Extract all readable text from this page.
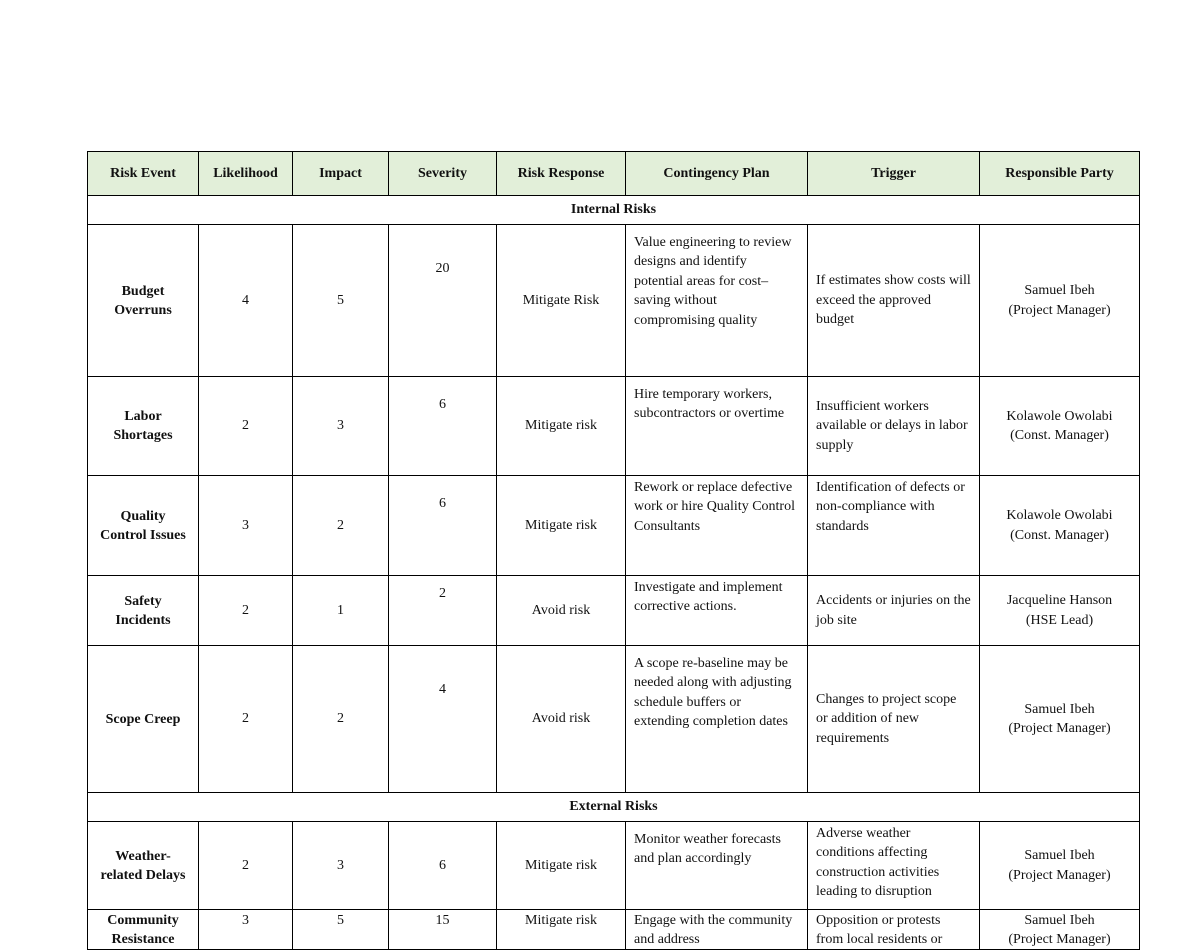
Risk Event	Likelihood	Impact	Severity	Risk Response	Contingency Plan	Trigger	Responsible Party
Internal Risks							
Budget Overruns	4	5	20	Mitigate Risk	Value engineering to review designs and identify potential areas for cost–saving without compromising quality	If estimates show costs will exceed the approved budget	Samuel Ibeh
(Project Manager)

Labor Shortages	2	3	6	Mitigate risk	Hire temporary workers, subcontractors or overtime	Insufficient workers available or delays in labor supply	Kolawole Owolabi
(Const. Manager)

Quality Control Issues	3	2	6	Mitigate risk	Rework or replace defective work or hire Quality Control Consultants	Identification of defects or non-compliance with standards	Kolawole Owolabi
(Const. Manager)

Safety Incidents	2	1	2	Avoid risk	Investigate and implement corrective actions.	Accidents or injuries on the job site	Jacqueline Hanson
(HSE Lead)

Scope Creep	2	2	4	Avoid risk	A scope re-baseline may be needed along with adjusting schedule buffers or extending completion dates	Changes to project scope or addition of new requirements	Samuel Ibeh
(Project Manager)

External Risks							
Weather-related Delays	2	3	6	Mitigate risk	Monitor weather forecasts and plan accordingly	Adverse weather conditions affecting construction activities leading to disruption	Samuel Ibeh
(Project Manager)

Community Resistance	3	5	15	Mitigate risk	Engage with the community and address	Opposition or protests from local residents or	Samuel Ibeh
(Project Manager)
